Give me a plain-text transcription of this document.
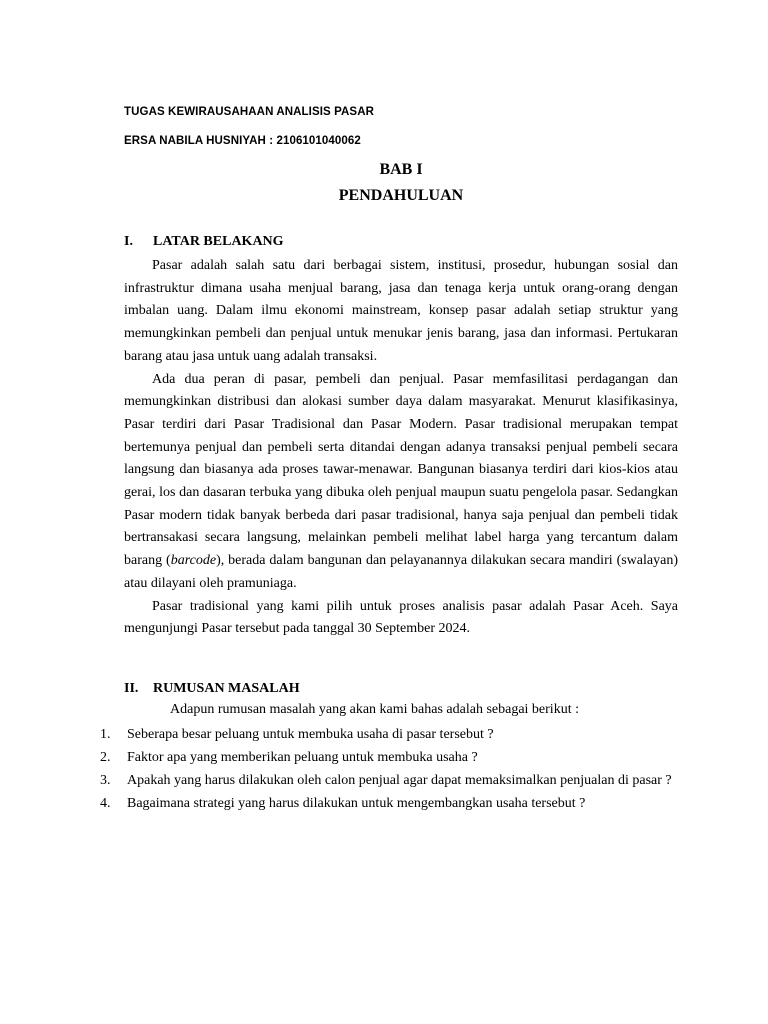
TUGAS KEWIRAUSAHAAN ANALISIS PASAR
ERSA NABILA HUSNIYAH : 2106101040062
BAB I
PENDAHULUAN
I. LATAR BELAKANG

Pasar adalah salah satu dari berbagai sistem, institusi, prosedur, hubungan sosial dan infrastruktur dimana usaha menjual barang, jasa dan tenaga kerja untuk orang-orang dengan imbalan uang. Dalam ilmu ekonomi mainstream, konsep pasar adalah setiap struktur yang memungkinkan pembeli dan penjual untuk menukar jenis barang, jasa dan informasi. Pertukaran barang atau jasa untuk uang adalah transaksi.

Ada dua peran di pasar, pembeli dan penjual. Pasar memfasilitasi perdagangan dan memungkinkan distribusi dan alokasi sumber daya dalam masyarakat. Menurut klasifikasinya, Pasar terdiri dari Pasar Tradisional dan Pasar Modern. Pasar tradisional merupakan tempat bertemunya penjual dan pembeli serta ditandai dengan adanya transaksi penjual pembeli secara langsung dan biasanya ada proses tawar-menawar. Bangunan biasanya terdiri dari kios-kios atau gerai, los dan dasaran terbuka yang dibuka oleh penjual maupun suatu pengelola pasar. Sedangkan Pasar modern tidak banyak berbeda dari pasar tradisional, hanya saja penjual dan pembeli tidak bertransakasi secara langsung, melainkan pembeli melihat label harga yang tercantum dalam barang (barcode), berada dalam bangunan dan pelayanannya dilakukan secara mandiri (swalayan) atau dilayani oleh pramuniaga.

Pasar tradisional yang kami pilih untuk proses analisis pasar adalah Pasar Aceh. Saya mengunjungi Pasar tersebut pada tanggal 30 September 2024.

II. RUMUSAN MASALAH
Adapun rumusan masalah yang akan kami bahas adalah sebagai berikut :
1.	Seberapa besar peluang untuk membuka usaha di pasar tersebut ?
2.	Faktor apa yang memberikan peluang untuk membuka usaha ?
3.	Apakah yang harus dilakukan oleh calon penjual agar dapat memaksimalkan penjualan di pasar ?
4.	Bagaimana strategi yang harus dilakukan untuk mengembangkan usaha tersebut ?
